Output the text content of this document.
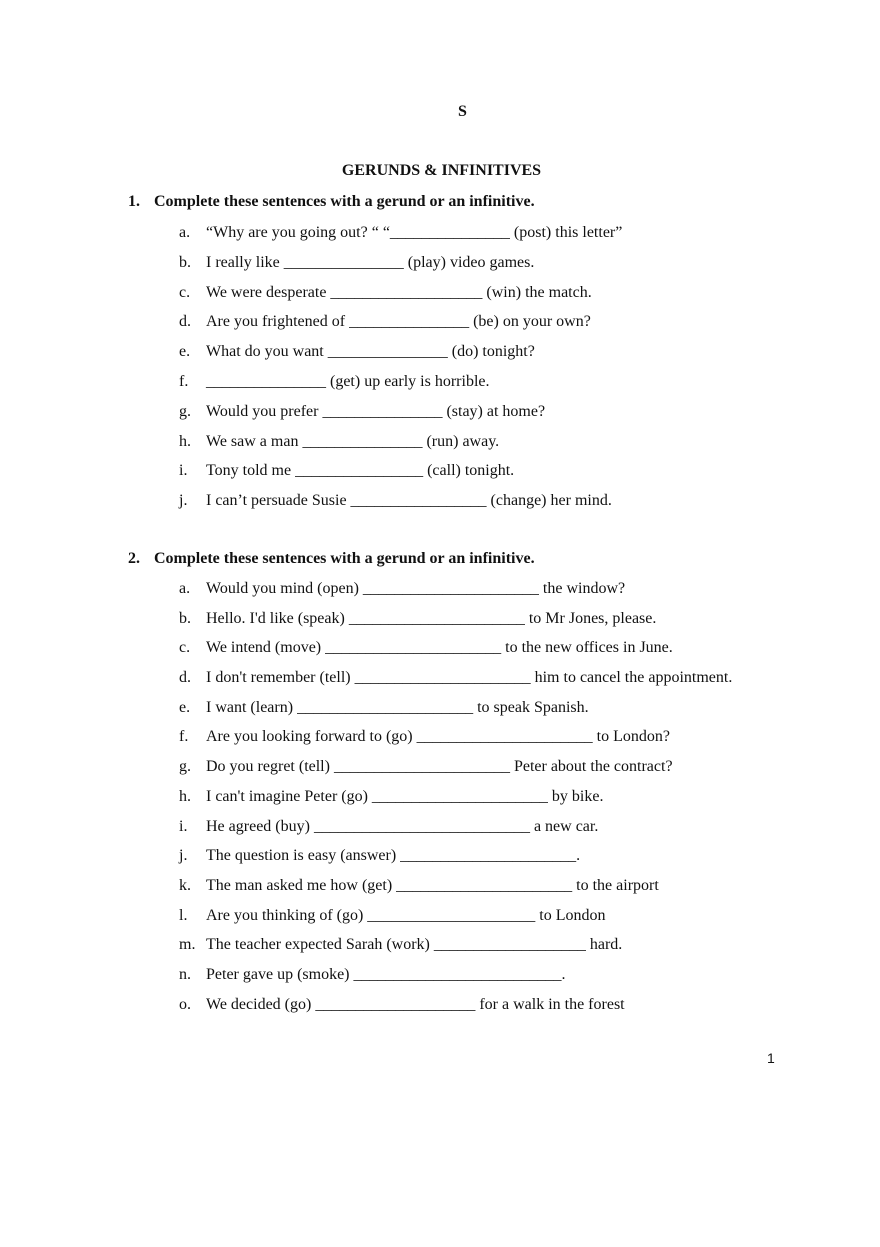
S
GERUNDS & INFINITIVES
1. Complete these sentences with a gerund or an infinitive.
a. “Why are you going out? “ “_______________ (post) this letter”
b. I really like _______________ (play) video games.
c. We were desperate ___________________ (win) the match.
d. Are you frightened of _______________ (be) on your own?
e. What do you want _______________ (do) tonight?
f. _______________ (get) up early is horrible.
g. Would you prefer _______________ (stay) at home?
h. We saw a man _______________ (run) away.
i. Tony told me ________________ (call) tonight.
j. I can’t persuade Susie _________________ (change) her mind.
2. Complete these sentences with a gerund or an infinitive.
a. Would you mind (open) ______________________ the window?
b. Hello. I'd like (speak) ______________________ to Mr Jones, please.
c. We intend (move) ______________________ to the new offices in June.
d. I don't remember (tell) ______________________ him to cancel the appointment.
e. I want (learn) ______________________ to speak Spanish.
f. Are you looking forward to (go) ______________________ to London?
g. Do you regret (tell) ______________________ Peter about the contract?
h. I can't imagine Peter (go) ______________________ by bike.
i. He agreed (buy) ___________________________ a new car.
j. The question is easy (answer) ______________________.
k. The man asked me how (get) ______________________ to the airport
l. Are you thinking of (go) _____________________ to London
m. The teacher expected Sarah (work) ___________________ hard.
n. Peter gave up (smoke) __________________________.
o. We decided (go) ____________________ for a walk in the forest
1
